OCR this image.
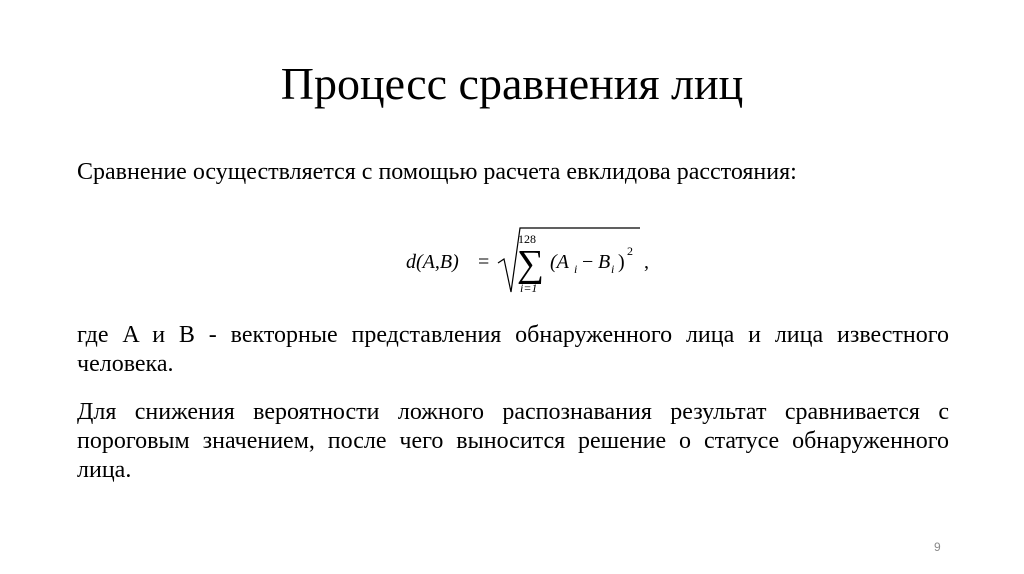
Процесс сравнения лиц

Сравнение осуществляется с помощью расчета евклидова расстояния:

d(A,B) =
128
∑
i=1
(A i − B i ) 2 ,

где A и B - векторные представления обнаруженного лица и лица известного человека.

Для снижения вероятности ложного распознавания результат сравнивается с пороговым значением, после чего выносится решение о статусе обнаруженного лица.

9
